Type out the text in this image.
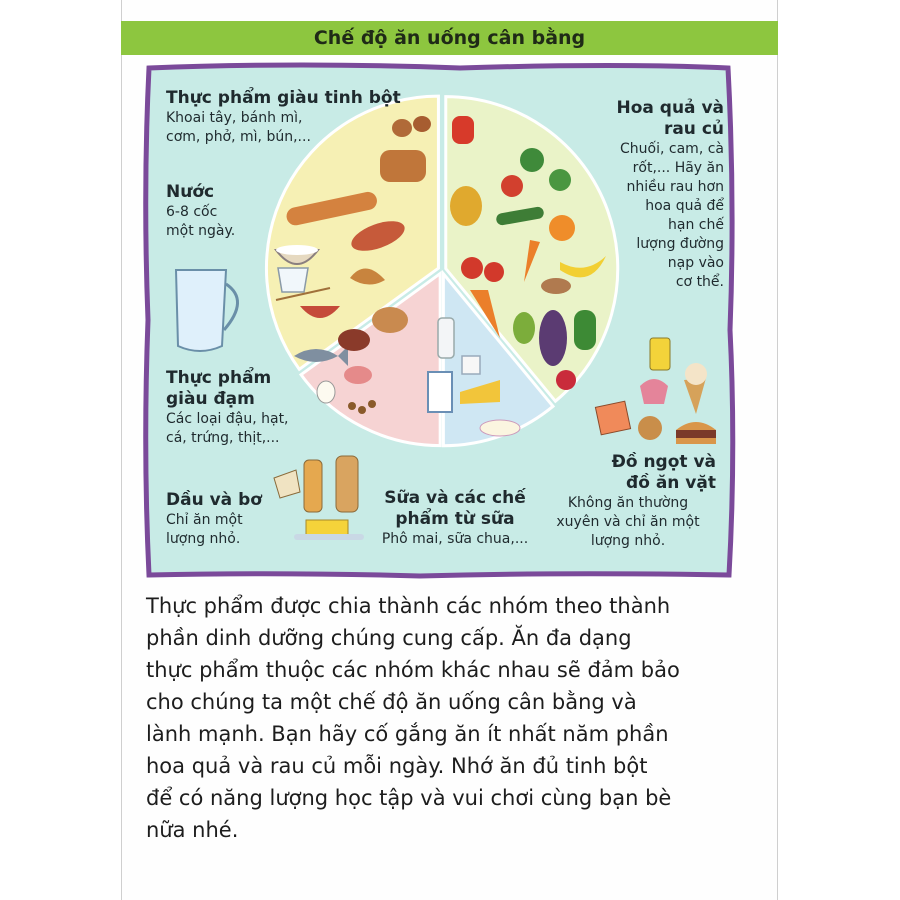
Chế độ ăn uống cân bằng
Thực phẩm giàu tinh bột
Khoai tây, bánh mì,
cơm, phở, mì, bún,...
Nước
6-8 cốc
một ngày.
Hoa quả và
rau củ
Chuối, cam, cà
rốt,... Hãy ăn
nhiều rau hơn
hoa quả để
hạn chế
lượng đường
nạp vào
cơ thể.
Thực phẩm
giàu đạm
Các loại đậu, hạt,
cá, trứng, thịt,...
Đồ ngọt và
đồ ăn vặt
Không ăn thường
xuyên và chỉ ăn một
lượng nhỏ.
Dầu và bơ
Chỉ ăn một
lượng nhỏ.
Sữa và các chế
phẩm từ sữa
Phô mai, sữa chua,...
Thực phẩm được chia thành các nhóm theo thành
phần dinh dưỡng chúng cung cấp. Ăn đa dạng
thực phẩm thuộc các nhóm khác nhau sẽ đảm bảo
cho chúng ta một chế độ ăn uống cân bằng và
lành mạnh. Bạn hãy cố gắng ăn ít nhất năm phần
hoa quả và rau củ mỗi ngày. Nhớ ăn đủ tinh bột
để có năng lượng học tập và vui chơi cùng bạn bè
nữa nhé.
